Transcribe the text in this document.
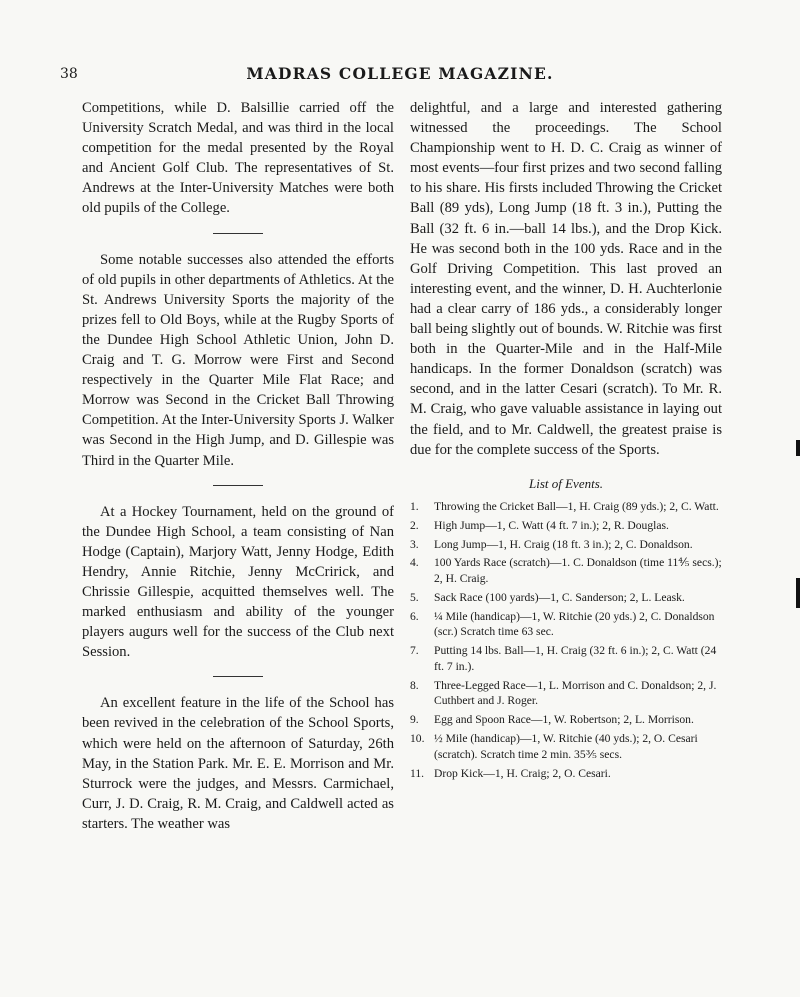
38	MADRAS COLLEGE MAGAZINE.

Competitions, while D. Balsillie carried off the University Scratch Medal, and was third in the local competition for the medal presented by the Royal and Ancient Golf Club. The representatives of St. Andrews at the Inter-University Matches were both old pupils of the College.

Some notable successes also attended the efforts of old pupils in other departments of Athletics. At the St. Andrews University Sports the majority of the prizes fell to Old Boys, while at the Rugby Sports of the Dundee High School Athletic Union, John D. Craig and T. G. Morrow were First and Second respectively in the Quarter Mile Flat Race; and Morrow was Second in the Cricket Ball Throwing Competition. At the Inter-University Sports J. Walker was Second in the High Jump, and D. Gillespie was Third in the Quarter Mile.

At a Hockey Tournament, held on the ground of the Dundee High School, a team consisting of Nan Hodge (Captain), Marjory Watt, Jenny Hodge, Edith Hendry, Annie Ritchie, Jenny McCririck, and Chrissie Gillespie, acquitted themselves well. The marked enthusiasm and ability of the younger players augurs well for the success of the Club next Session.

An excellent feature in the life of the School has been revived in the celebration of the School Sports, which were held on the afternoon of Saturday, 26th May, in the Station Park. Mr. E. E. Morrison and Mr. Sturrock were the judges, and Messrs. Carmichael, Curr, J. D. Craig, R. M. Craig, and Caldwell acted as starters. The weather was

delightful, and a large and interested gathering witnessed the proceedings. The School Championship went to H. D. C. Craig as winner of most events—four first prizes and two second falling to his share. His firsts included Throwing the Cricket Ball (89 yds), Long Jump (18 ft. 3 in.), Putting the Ball (32 ft. 6 in.—ball 14 lbs.), and the Drop Kick. He was second both in the 100 yds. Race and in the Golf Driving Competition. This last proved an interesting event, and the winner, D. H. Auchterlonie had a clear carry of 186 yds., a considerably longer ball being slightly out of bounds. W. Ritchie was first both in the Quarter-Mile and in the Half-Mile handicaps. In the former Donaldson (scratch) was second, and in the latter Cesari (scratch). To Mr. R. M. Craig, who gave valuable assistance in laying out the field, and to Mr. Caldwell, the greatest praise is due for the complete success of the Sports.

List of Events.
1.	Throwing the Cricket Ball—1, H. Craig (89 yds.); 2, C. Watt.
2.	High Jump—1, C. Watt (4 ft. 7 in.); 2, R. Douglas.
3.	Long Jump—1, H. Craig (18 ft. 3 in.); 2, C. Donaldson.
4.	100 Yards Race (scratch)—1. C. Donaldson (time 11⅘ secs.); 2, H. Craig.
5.	Sack Race (100 yards)—1, C. Sanderson; 2, L. Leask.
6.	¼ Mile (handicap)—1, W. Ritchie (20 yds.) 2, C. Donaldson (scr.) Scratch time 63 sec.
7.	Putting 14 lbs. Ball—1, H. Craig (32 ft. 6 in.); 2, C. Watt (24 ft. 7 in.).
8.	Three-Legged Race—1, L. Morrison and C. Donaldson; 2, J. Cuthbert and J. Roger.
9.	Egg and Spoon Race—1, W. Robertson; 2, L. Morrison.
10. ½ Mile (handicap)—1, W. Ritchie (40 yds.); 2, O. Cesari (scratch). Scratch time 2 min. 35⅗ secs.
11. Drop Kick—1, H. Craig; 2, O. Cesari.
